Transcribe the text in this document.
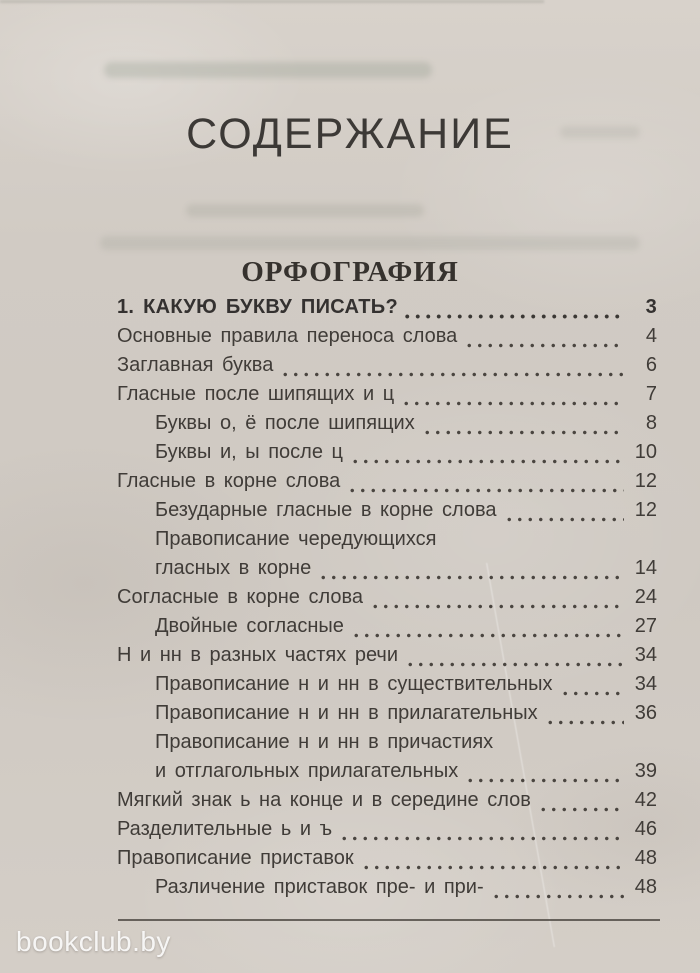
СОДЕРЖАНИЕ
ОРФОГРАФИЯ
1. КАКУЮ БУКВУ ПИСАТЬ?	3
Основные правила переноса слова	4
Заглавная буква	6
Гласные после шипящих и ц	7
Буквы о, ё после шипящих	8
Буквы и, ы после ц	10
Гласные в корне слова	12
Безударные гласные в корне слова	12
Правописание чередующихся
гласных в корне	14
Согласные в корне слова	24
Двойные согласные	27
Н и нн в разных частях речи	34
Правописание н и нн в существительных	34
Правописание н и нн в прилагательных	36
Правописание н и нн в причастиях
и отглагольных прилагательных	39
Мягкий знак ь на конце и в середине слов	42
Разделительные ь и ъ	46
Правописание приставок	48
Различение приставок пре- и при-	48
bookclub.by
